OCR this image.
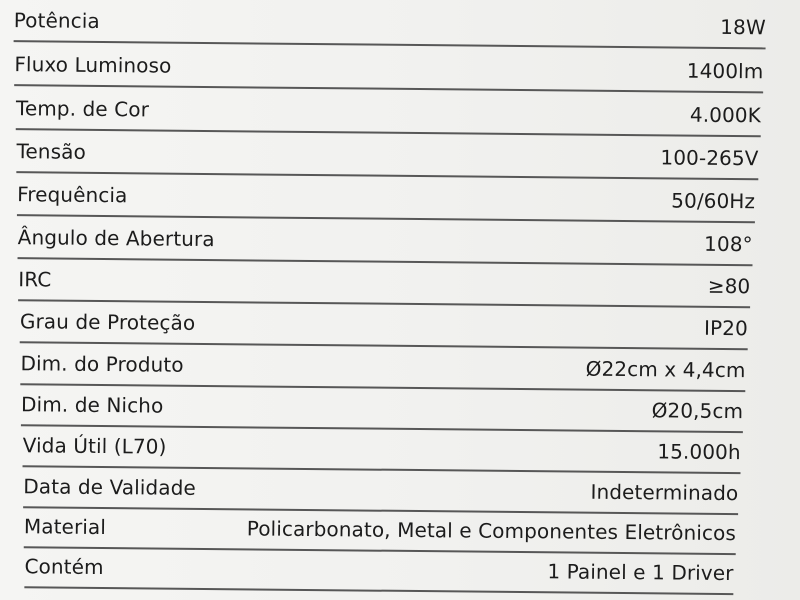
Potência	18W
Fluxo Luminoso	1400lm
Temp. de Cor	4.000K
Tensão	100-265V
Frequência	50/60Hz
Ângulo de Abertura	108°
IRC	≥80
Grau de Proteção	IP20
Dim. do Produto	Ø22cm x 4,4cm
Dim. de Nicho	Ø20,5cm
Vida Útil (L70)	15.000h
Data de Validade	Indeterminado
Material	Policarbonato, Metal e Componentes Eletrônicos
Contém	1 Painel e 1 Driver
